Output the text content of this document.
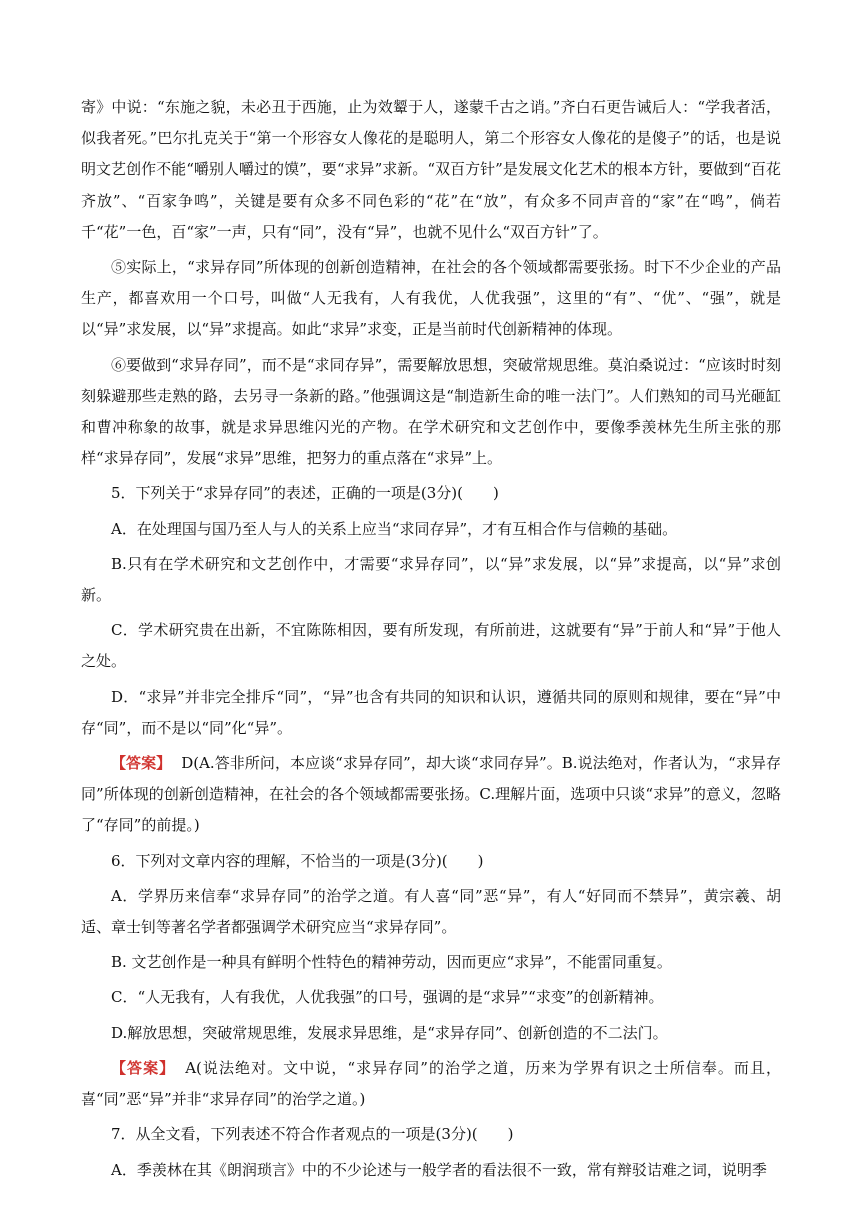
寄》中说：“东施之貌，未必丑于西施，止为效颦于人，遂蒙千古之诮。”齐白石更告诫后人：“学我者活，似我者死。”巴尔扎克关于“第一个形容女人像花的是聪明人，第二个形容女人像花的是傻子”的话，也是说明文艺创作不能“嚼别人嚼过的馍”，要“求异”求新。“双百方针”是发展文化艺术的根本方针，要做到“百花齐放”、“百家争鸣”，关键是要有众多不同色彩的“花”在“放”，有众多不同声音的“家”在“鸣”，倘若千“花”一色，百“家”一声，只有“同”，没有“异”，也就不见什么“双百方针”了。

⑤实际上，“求异存同”所体现的创新创造精神，在社会的各个领域都需要张扬。时下不少企业的产品生产，都喜欢用一个口号，叫做“人无我有，人有我优，人优我强”，这里的“有”、“优”、“强”，就是以“异”求发展，以“异”求提高。如此“求异”求变，正是当前时代创新精神的体现。

⑥要做到“求异存同”，而不是“求同存异”，需要解放思想，突破常规思维。莫泊桑说过：“应该时时刻刻躲避那些走熟的路，去另寻一条新的路。”他强调这是“制造新生命的唯一法门”。人们熟知的司马光砸缸和曹冲称象的故事，就是求异思维闪光的产物。在学术研究和文艺创作中，要像季羡林先生所主张的那样“求异存同”，发展“求异”思维，把努力的重点落在“求异”上。

5．下列关于“求异存同”的表述，正确的一项是(3分)(　　)

A．在处理国与国乃至人与人的关系上应当“求同存异”，才有互相合作与信赖的基础。

B.只有在学术研究和文艺创作中，才需要“求异存同”，以“异”求发展，以“异”求提高，以“异”求创新。

C．学术研究贵在出新，不宜陈陈相因，要有所发现，有所前进，这就要有“异”于前人和“异”于他人之处。

D．“求异”并非完全排斥“同”，“异”也含有共同的知识和认识，遵循共同的原则和规律，要在“异”中存“同”，而不是以“同”化“异”。

【答案】 D(A.答非所问，本应谈“求异存同”，却大谈“求同存异”。B.说法绝对，作者认为，“求异存同”所体现的创新创造精神，在社会的各个领域都需要张扬。C.理解片面，选项中只谈“求异”的意义，忽略了“存同”的前提。)

6．下列对文章内容的理解，不恰当的一项是(3分)(　　)

A．学界历来信奉“求异存同”的治学之道。有人喜“同”恶“异”，有人“好同而不禁异”，黄宗羲、胡适、章士钊等著名学者都强调学术研究应当“求异存同”。

B. 文艺创作是一种具有鲜明个性特色的精神劳动，因而更应“求异”，不能雷同重复。

C．“人无我有，人有我优，人优我强”的口号，强调的是“求异”“求变”的创新精神。

D.解放思想，突破常规思维，发展求异思维，是“求异存同”、创新创造的不二法门。

【答案】 A(说法绝对。文中说，“求异存同”的治学之道，历来为学界有识之士所信奉。而且，喜“同”恶“异”并非“求异存同”的治学之道。)

7．从全文看，下列表述不符合作者观点的一项是(3分)(　　)

A．季羡林在其《朗润琐言》中的不少论述与一般学者的看法很不一致，常有辩驳诘难之词，说明季
